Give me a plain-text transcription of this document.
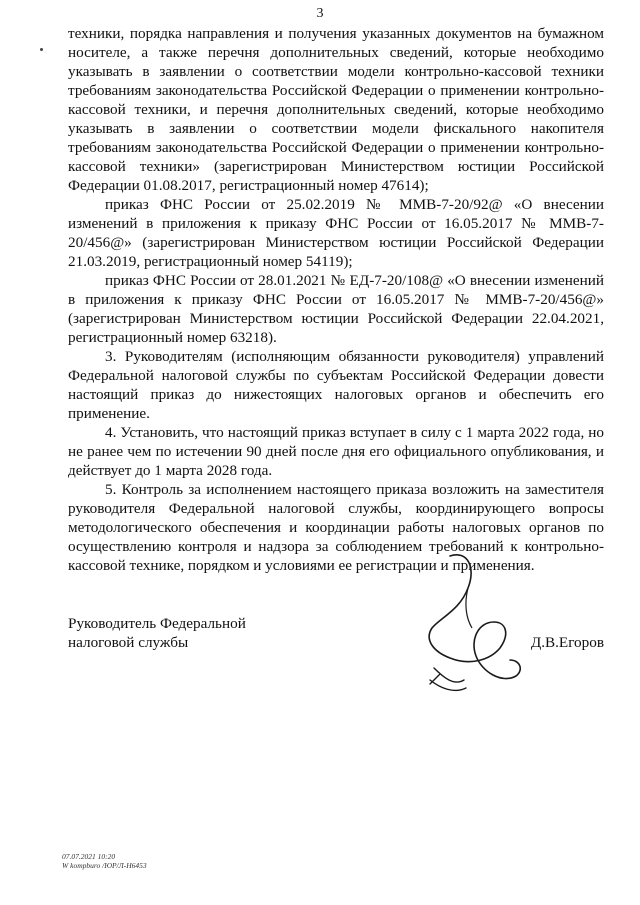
3

техники, порядка направления и получения указанных документов на бумажном носителе, а также перечня дополнительных сведений, которые необходимо указывать в заявлении о соответствии модели контрольно-кассовой техники требованиям законодательства Российской Федерации о применении контрольно-кассовой техники, и перечня дополнительных сведений, которые необходимо указывать в заявлении о соответствии модели фискального накопителя требованиям законодательства Российской Федерации о применении контрольно-кассовой техники» (зарегистрирован Министерством юстиции Российской Федерации 01.08.2017, регистрационный номер 47614);

приказ ФНС России от 25.02.2019 № ММВ-7-20/92@ «О внесении изменений в приложения к приказу ФНС России от 16.05.2017 № ММВ-7-20/456@» (зарегистрирован Министерством юстиции Российской Федерации 21.03.2019, регистрационный номер 54119);

приказ ФНС России от 28.01.2021 № ЕД-7-20/108@ «О внесении изменений в приложения к приказу ФНС России от 16.05.2017 № ММВ-7-20/456@» (зарегистрирован Министерством юстиции Российской Федерации 22.04.2021, регистрационный номер 63218).

3. Руководителям (исполняющим обязанности руководителя) управлений Федеральной налоговой службы по субъектам Российской Федерации довести настоящий приказ до нижестоящих налоговых органов и обеспечить его применение.

4. Установить, что настоящий приказ вступает в силу с 1 марта 2022 года, но не ранее чем по истечении 90 дней после дня его официального опубликования, и действует до 1 марта 2028 года.

5. Контроль за исполнением настоящего приказа возложить на заместителя руководителя Федеральной налоговой службы, координирующего вопросы методологического обеспечения и координации работы налоговых органов по осуществлению контроля и надзора за соблюдением требований к контрольно-кассовой технике, порядком и условиями ее регистрации и применения.

Руководитель Федеральной
налоговой службы	Д.В.Егоров
07.07.2021 10:20
W kompburo /ЮР/Л-Н6453
